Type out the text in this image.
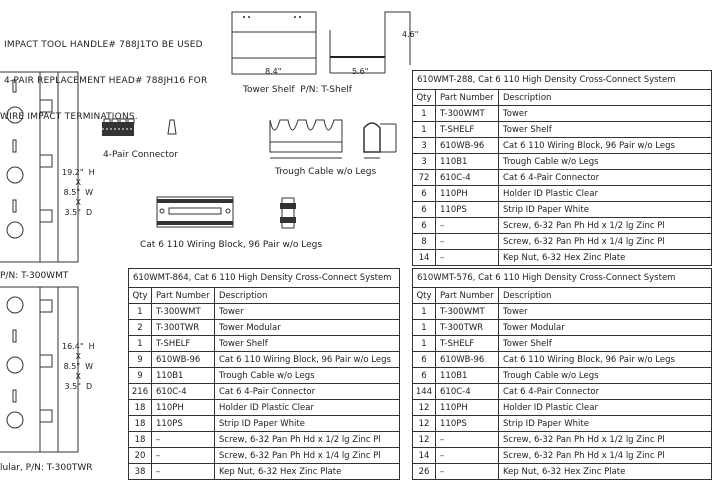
IMPACT TOOL HANDLE# 788J1TO BE USED

4-PAIR REPLACEMENT HEAD# 788JH16 FOR

WIRE IMPACT TERMINATIONS.

8.4"	5.6"
4.6"
Tower Shelf  P/N: T-Shelf
4-Pair Connector
Trough Cable w/o Legs
Cat 6 110 Wiring Block, 96 Pair w/o Legs
19.2"  H
X
8.5"  W
X
3.5"  D
P/N: T-300WMT
16.4"  H
X
8.5"  W
X
3.5"  D
lular, P/N: T-300TWR
610WMT-288, Cat 6 110 High Density Cross-Connect System		
Qty	Part Number	Description
1	T-300WMT	Tower
1	T-SHELF	Tower Shelf
3	610WB-96	Cat 6 110 Wiring Block, 96 Pair w/o Legs
3	110B1	Trough Cable w/o Legs
72	610C-4	Cat 6 4-Pair Connector
6	110PH	Holder ID Plastic Clear
6	110PS	Strip ID Paper White
6	–	Screw, 6-32 Pan Ph Hd x 1/2 lg Zinc Pl
8	–	Screw, 6-32 Pan Ph Hd x 1/4 lg Zinc Pl
14	–	Kep Nut, 6-32 Hex Zinc Plate
610WMT-864, Cat 6 110 High Density Cross-Connect System		
Qty	Part Number	Description
1	T-300WMT	Tower
2	T-300TWR	Tower Modular
1	T-SHELF	Tower Shelf
9	610WB-96	Cat 6 110 Wiring Block, 96 Pair w/o Legs
9	110B1	Trough Cable w/o Legs
216	610C-4	Cat 6 4-Pair Connector
18	110PH	Holder ID Plastic Clear
18	110PS	Strip ID Paper White
18	–	Screw, 6-32 Pan Ph Hd x 1/2 lg Zinc Pl
20	–	Screw, 6-32 Pan Ph Hd x 1/4 lg Zinc Pl
38	–	Kep Nut, 6-32 Hex Zinc Plate
610WMT-576, Cat 6 110 High Density Cross-Connect System		
Qty	Part Number	Description
1	T-300WMT	Tower
1	T-300TWR	Tower Modular
1	T-SHELF	Tower Shelf
6	610WB-96	Cat 6 110 Wiring Block, 96 Pair w/o Legs
6	110B1	Trough Cable w/o Legs
144	610C-4	Cat 6 4-Pair Connector
12	110PH	Holder ID Plastic Clear
12	110PS	Strip ID Paper White
12	–	Screw, 6-32 Pan Ph Hd x 1/2 lg Zinc Pl
14	–	Screw, 6-32 Pan Ph Hd x 1/4 lg Zinc Pl
26	–	Kep Nut, 6-32 Hex Zinc Plate
